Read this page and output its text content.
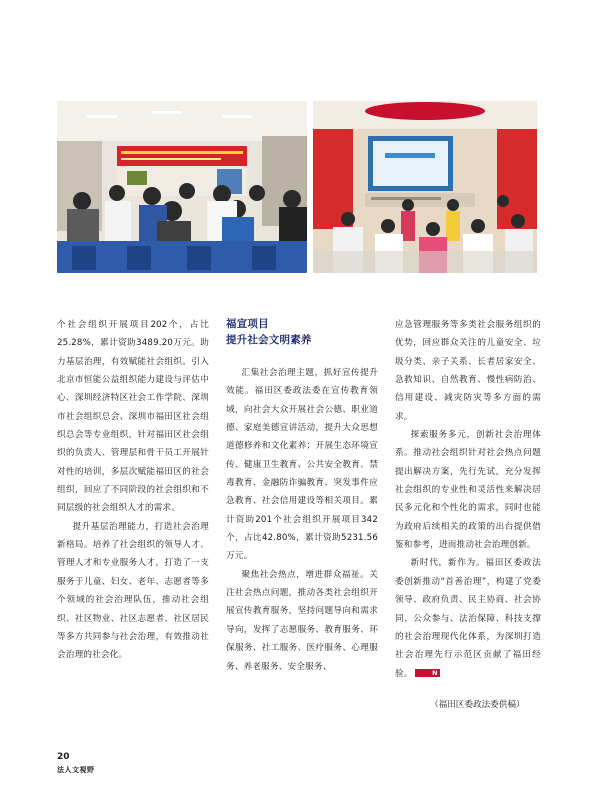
个社会组织开展项目202个，占比25.28%，累计资助3489.20万元。助力基层治理，有效赋能社会组织。引入北京市恒能公益组织能力建设与评估中心、深圳经济特区社会工作学院、深圳市社会组织总会、深圳市福田区社会组织总会等专业组织，针对福田区社会组织的负责人、管理层和骨干员工开展针对性的培训，多层次赋能福田区的社会组织，回应了不同阶段的社会组织和不同层级的社会组织人才的需求。

提升基层治理能力，打造社会治理新格局。培养了社会组织的领导人才、管理人才和专业服务人才，打造了一支服务于儿童、妇女、老年、志愿者等多个领域的社会治理队伍，推动社会组织、社区物业、社区志愿者、社区居民等多方共同参与社会治理，有效推动社会治理的社会化。

福宣项目

提升社会文明素养

汇集社会治理主题，抓好宣传提升效能。福田区委政法委在宣传教育领域，向社会大众开展社会公德、职业道德、家庭美德宣讲活动，提升大众思想道德修养和文化素养；开展生态环境宣传、健康卫生教育、公共安全教育、禁毒教育、金融防诈骗教育、突发事件应急教育、社会信用建设等相关项目。累计资助201个社会组织开展项目342个，占比42.80%，累计资助5231.56万元。

聚焦社会热点，增进群众福祉。关注社会热点问题，推动各类社会组织开展宣传教育服务，坚持问题导向和需求导向，发挥了志愿服务、教育服务、环保服务、社工服务、医疗服务、心理服务、养老服务、安全服务、

应急管理服务等多类社会服务组织的优势，回应群众关注的儿童安全、垃圾分类、亲子关系、长者居家安全、急救知识、自然教育、慢性病防治、信用建设、减灾防灾等多方面的需求。

探索服务多元，创新社会治理体系。推动社会组织针对社会热点问题提出解决方案，先行先试，充分发挥社会组织的专业性和灵活性来解决居民多元化和个性化的需求，同时也能为政府后续相关的政策的出台提供借鉴和参考，进而推动社会治理创新。

新时代，新作为。福田区委政法委创新推动“首善治理”，构建了党委领导、政府负责、民主协商、社会协同、公众参与、法治保障、科技支撑的社会治理现代化体系，为深圳打造社会治理先行示范区贡献了福田经验。	N

（福田区委政法委供稿）
20
法人文視野
